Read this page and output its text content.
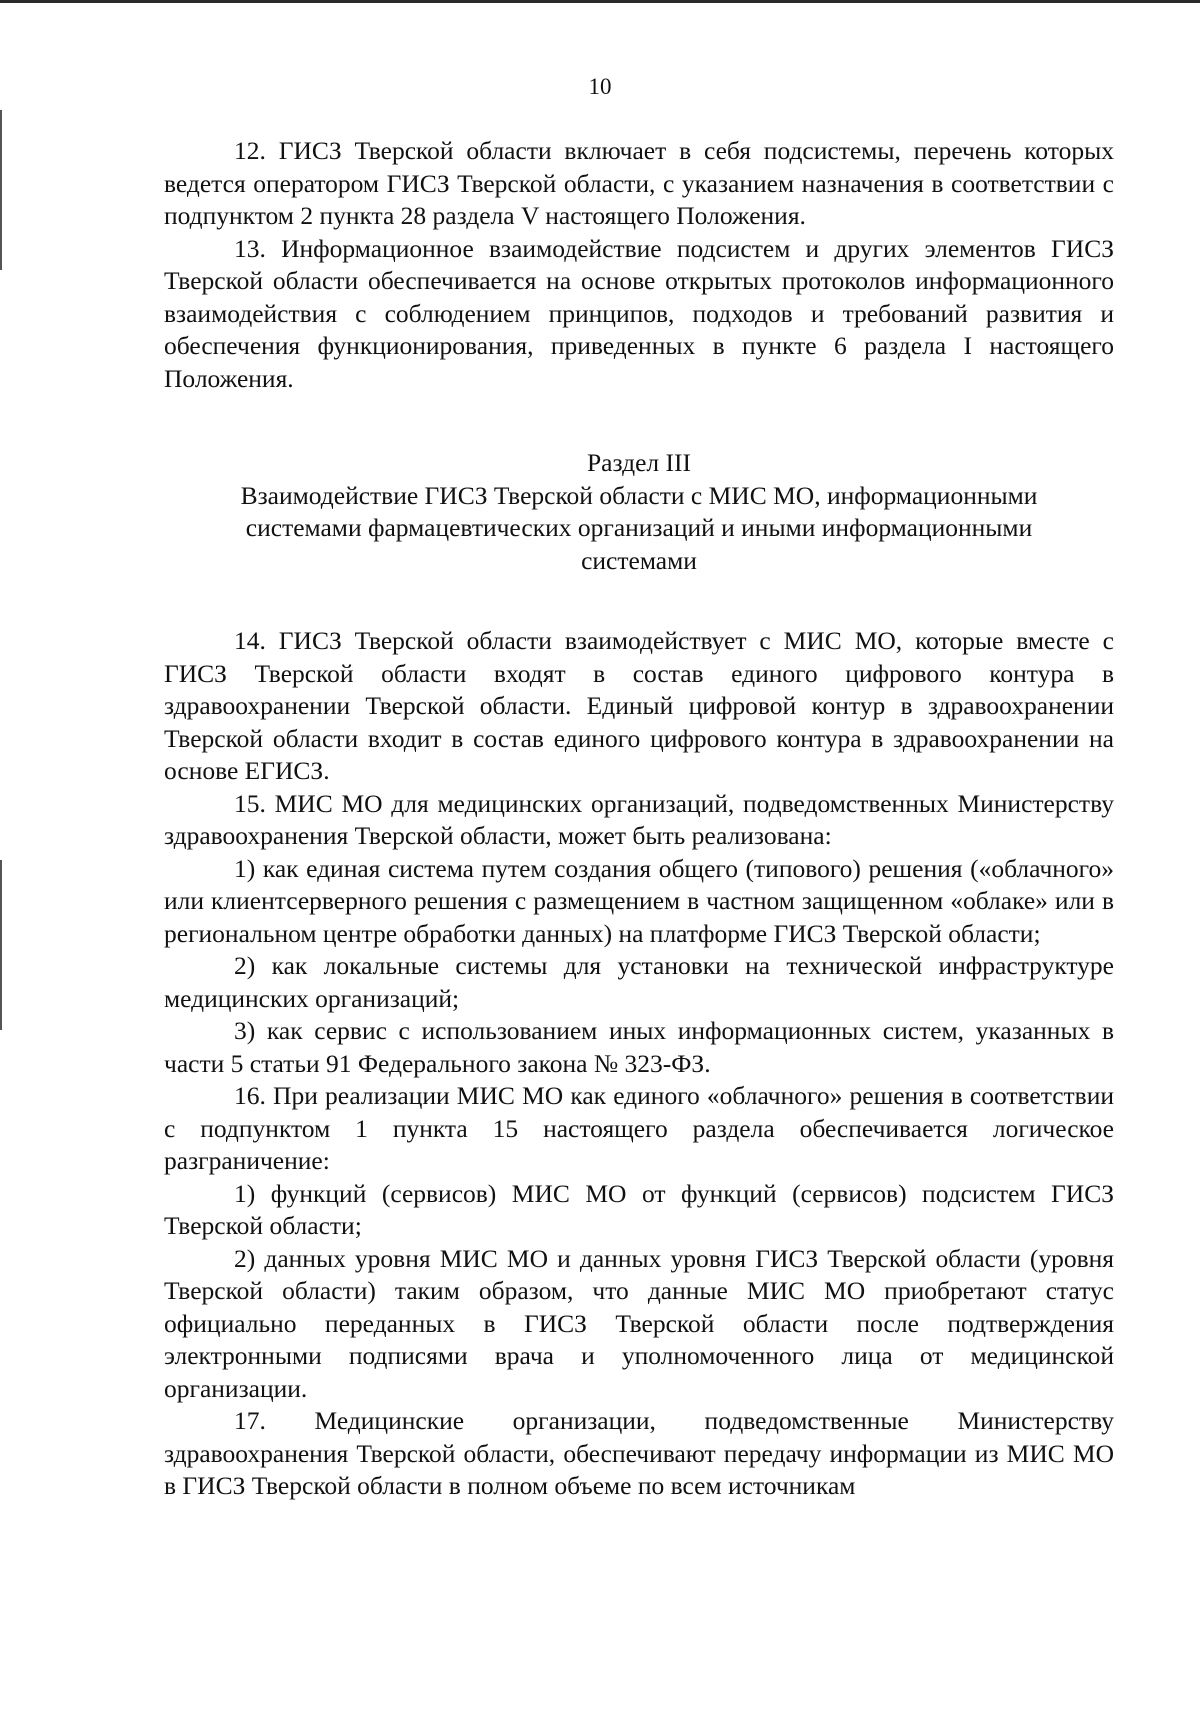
10

12. ГИСЗ Тверской области включает в себя подсистемы, перечень которых ведется оператором ГИСЗ Тверской области, с указанием назначения в соответствии с подпунктом 2 пункта 28 раздела V настоящего Положения.

13. Информационное взаимодействие подсистем и других элементов ГИСЗ Тверской области обеспечивается на основе открытых протоколов информационного взаимодействия с соблюдением принципов, подходов и требований развития и обеспечения функционирования, приведенных в пункте 6 раздела I настоящего Положения.

Раздел III
Взаимодействие ГИСЗ Тверской области с МИС МО, информационными системами фармацевтических организаций и иными информационными системами

14. ГИСЗ Тверской области взаимодействует с МИС МО, которые вместе с ГИСЗ Тверской области входят в состав единого цифрового контура в здравоохранении Тверской области. Единый цифровой контур в здравоохранении Тверской области входит в состав единого цифрового контура в здравоохранении на основе ЕГИСЗ.

15. МИС МО для медицинских организаций, подведомственных Министерству здравоохранения Тверской области, может быть реализована:

1) как единая система путем создания общего (типового) решения («облачного» или клиентсерверного решения с размещением в частном защищенном «облаке» или в региональном центре обработки данных) на платформе ГИСЗ Тверской области;

2) как локальные системы для установки на технической инфраструктуре медицинских организаций;

3) как сервис с использованием иных информационных систем, указанных в части 5 статьи 91 Федерального закона № 323-ФЗ.

16. При реализации МИС МО как единого «облачного» решения в соответствии с подпунктом 1 пункта 15 настоящего раздела обеспечивается логическое разграничение:

1) функций (сервисов) МИС МО от функций (сервисов) подсистем ГИСЗ Тверской области;

2) данных уровня МИС МО и данных уровня ГИСЗ Тверской области (уровня Тверской области) таким образом, что данные МИС МО приобретают статус официально переданных в ГИСЗ Тверской области после подтверждения электронными подписями врача и уполномоченного лица от медицинской организации.

17. Медицинские организации, подведомственные Министерству здравоохранения Тверской области, обеспечивают передачу информации из МИС МО в ГИСЗ Тверской области в полном объеме по всем источникам
